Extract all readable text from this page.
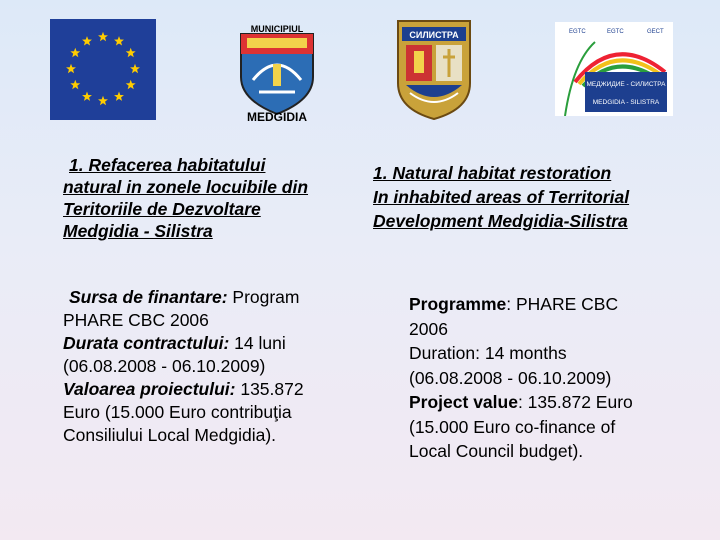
MUNICIPIUL
MEDGIDIA
СИЛИСТРА	EGTC	EGTC	GECT
МЕДЖИДИЕ - СИЛИСТРА
MEDGIDIA - SILISTRA
1. Refacerea habitatului
natural in zonele locuibile din
Teritoriile de Dezvoltare
Medgidia - Silistra
1. Natural habitat restoration
In inhabited areas of Territorial
Development Medgidia-Silistra
Sursa de finantare: Program
PHARE CBC 2006
Durata contractului: 14 luni
(06.08.2008 - 06.10.2009)
Valoarea proiectului: 135.872
Euro (15.000 Euro contribuţia
Consiliului Local Medgidia).
Programme: PHARE CBC
2006
Duration: 14 months
(06.08.2008 - 06.10.2009)
Project value: 135.872 Euro
(15.000 Euro co-finance of
Local Council budget).
